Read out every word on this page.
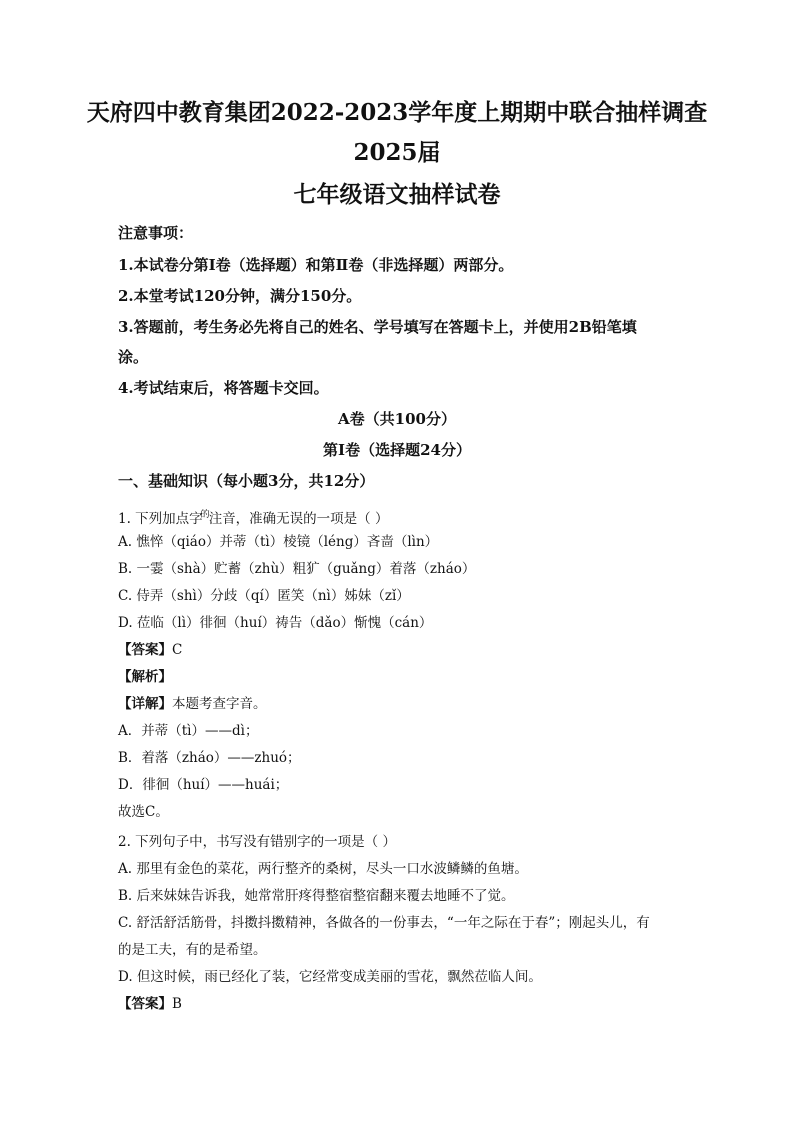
天府四中教育集团2022-2023学年度上期期中联合抽样调查
2025届
七年级语文抽样试卷
注意事项：
1.本试卷分第Ⅰ卷（选择题）和第Ⅱ卷（非选择题）两部分。
2.本堂考试120分钟，满分150分。
3.答题前，考生务必先将自己的姓名、学号填写在答题卡上，并使用2B铅笔填
涂。
4.考试结束后，将答题卡交回。
A卷（共100分）
第Ⅰ卷（选择题24分）
一、基础知识（每小题3分，共12分）
1. 下列加点字$^的$注音，准确无误的一项是（ ）
A. 憔悴（qiáo）并蒂（tì）棱镜（léng）吝啬（lìn）
B. 一霎（shà）贮蓄（zhù）粗犷（guǎng）着落（zháo）
C. 侍弄（shì）分歧（qí）匿笑（nì）姊妹（zǐ）
D. 莅临（lì）徘徊（huí）祷告（dǎo）惭愧（cán）
【答案】C
【解析】
【详解】本题考查字音。
A．并蒂（tì）——dì；
B．着落（zháo）——zhuó；
D．徘徊（huí）——huái；
故选C。
2. 下列句子中，书写没有错别字的一项是（ ）
A. 那里有金色的菜花，两行整齐的桑树，尽头一口水波鳞鳞的鱼塘。
B. 后来妹妹告诉我，她常常肝疼得整宿整宿翻来覆去地睡不了觉。
C. 舒活舒活筋骨，抖擞抖擞精神，各做各的一份事去，“一年之际在于春”；刚起头儿，有
的是工夫，有的是希望。
D. 但这时候，雨已经化了装，它经常变成美丽的雪花，飘然莅临人间。
【答案】B
